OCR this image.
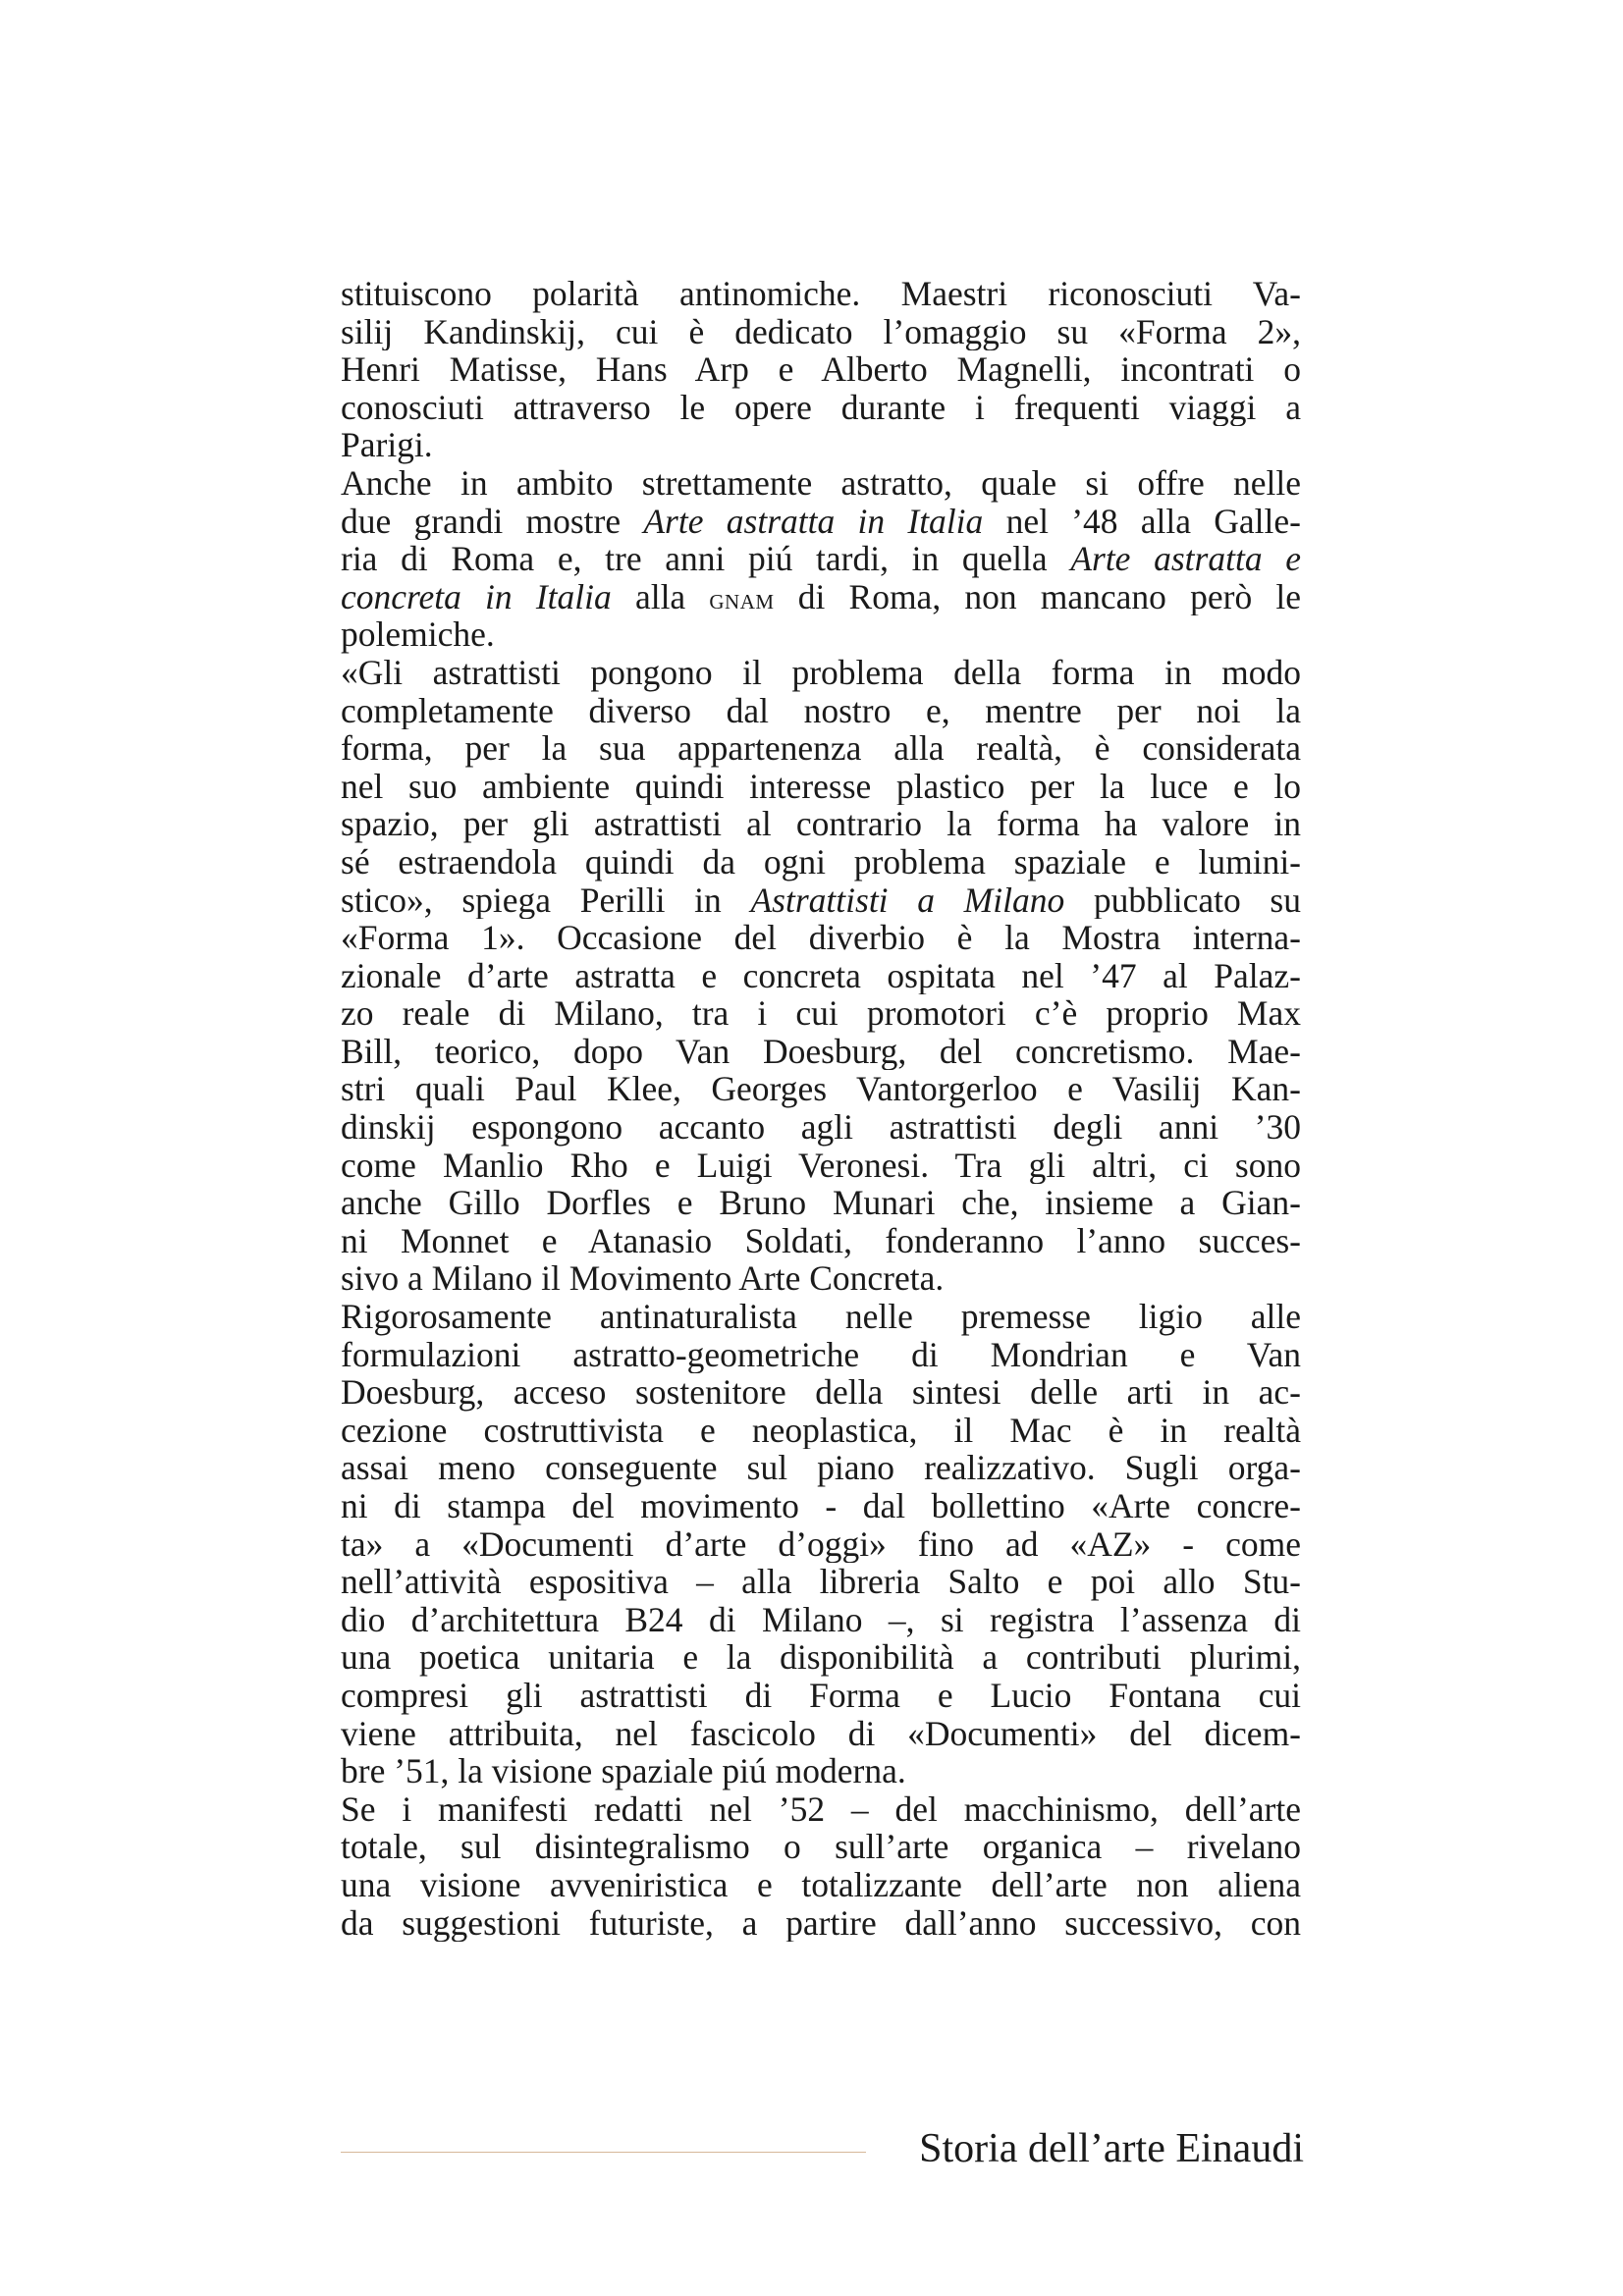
stituiscono polarità antinomiche. Maestri riconosciuti Va-
silij Kandinskij, cui è dedicato l’omaggio su «Forma 2»,
Henri Matisse, Hans Arp e Alberto Magnelli, incontrati o
conosciuti attraverso le opere durante i frequenti viaggi a
Parigi.
Anche in ambito strettamente astratto, quale si offre nelle
due grandi mostre Arte astratta in Italia nel ’48 alla Galle-
ria di Roma e, tre anni piú tardi, in quella Arte astratta e
concreta in Italia alla gnam di Roma, non mancano però le
polemiche.
«Gli astrattisti pongono il problema della forma in modo
completamente diverso dal nostro e, mentre per noi la
forma, per la sua appartenenza alla realtà, è considerata
nel suo ambiente quindi interesse plastico per la luce e lo
spazio, per gli astrattisti al contrario la forma ha valore in
sé estraendola quindi da ogni problema spaziale e lumini-
stico», spiega Perilli in Astrattisti a Milano pubblicato su
«Forma 1». Occasione del diverbio è la Mostra interna-
zionale d’arte astratta e concreta ospitata nel ’47 al Palaz-
zo reale di Milano, tra i cui promotori c’è proprio Max
Bill, teorico, dopo Van Doesburg, del concretismo. Mae-
stri quali Paul Klee, Georges Vantorgerloo e Vasilij Kan-
dinskij espongono accanto agli astrattisti degli anni ’30
come Manlio Rho e Luigi Veronesi. Tra gli altri, ci sono
anche Gillo Dorfles e Bruno Munari che, insieme a Gian-
ni Monnet e Atanasio Soldati, fonderanno l’anno succes-
sivo a Milano il Movimento Arte Concreta.
Rigorosamente antinaturalista nelle premesse ligio alle
formulazioni astratto-geometriche di Mondrian e Van
Doesburg, acceso sostenitore della sintesi delle arti in ac-
cezione costruttivista e neoplastica, il Mac è in realtà
assai meno conseguente sul piano realizzativo. Sugli orga-
ni di stampa del movimento - dal bollettino «Arte concre-
ta» a «Documenti d’arte d’oggi» fino ad «AZ» - come
nell’attività espositiva – alla libreria Salto e poi allo Stu-
dio d’architettura B24 di Milano –, si registra l’assenza di
una poetica unitaria e la disponibilità a contributi plurimi,
compresi gli astrattisti di Forma e Lucio Fontana cui
viene attribuita, nel fascicolo di «Documenti» del dicem-
bre ’51, la visione spaziale piú moderna.
Se i manifesti redatti nel ’52 – del macchinismo, dell’arte
totale, sul disintegralismo o sull’arte organica – rivelano
una visione avveniristica e totalizzante dell’arte non aliena
da suggestioni futuriste, a partire dall’anno successivo, con
Storia dell’arte Einaudi
